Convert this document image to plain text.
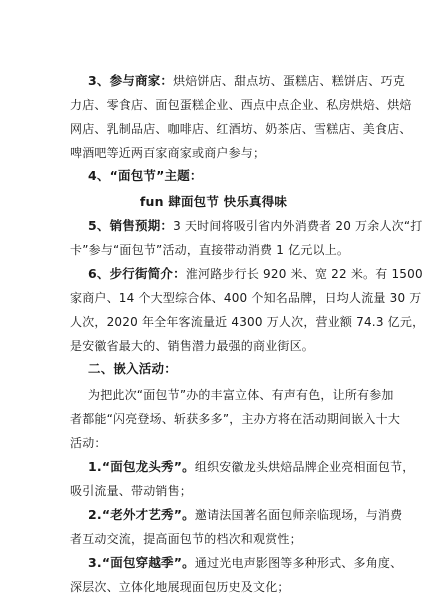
3、参与商家：烘焙饼店、甜点坊、蛋糕店、糕饼店、巧克
力店、零食店、面包蛋糕企业、西点中点企业、私房烘焙、烘焙
网店、乳制品店、咖啡店、红酒坊、奶茶店、雪糕店、美食店、
啤酒吧等近两百家商家或商户参与；
4、“面包节”主题：
fun 肆面包节 快乐真得味
5、销售预期：3 天时间将吸引省内外消费者 20 万余人次“打
卡”参与“面包节”活动，直接带动消费 1 亿元以上。
6、步行街简介：淮河路步行长 920 米、宽 22 米。有 1500
家商户、14 个大型综合体、400 个知名品牌，日均人流量 30 万
人次，2020 年全年客流量近 4300 万人次，营业额 74.3 亿元，
是安徽省最大的、销售潜力最强的商业街区。
二、嵌入活动：
为把此次“面包节”办的丰富立体、有声有色，让所有参加
者都能“闪亮登场、斩获多多”，主办方将在活动期间嵌入十大
活动：
1.“面包龙头秀”。组织安徽龙头烘焙品牌企业亮相面包节，
吸引流量、带动销售；
2.“老外才艺秀”。邀请法国著名面包师亲临现场，与消费
者互动交流，提高面包节的档次和观赏性；
3.“面包穿越季”。通过光电声影图等多种形式、多角度、
深层次、立体化地展现面包历史及文化；
